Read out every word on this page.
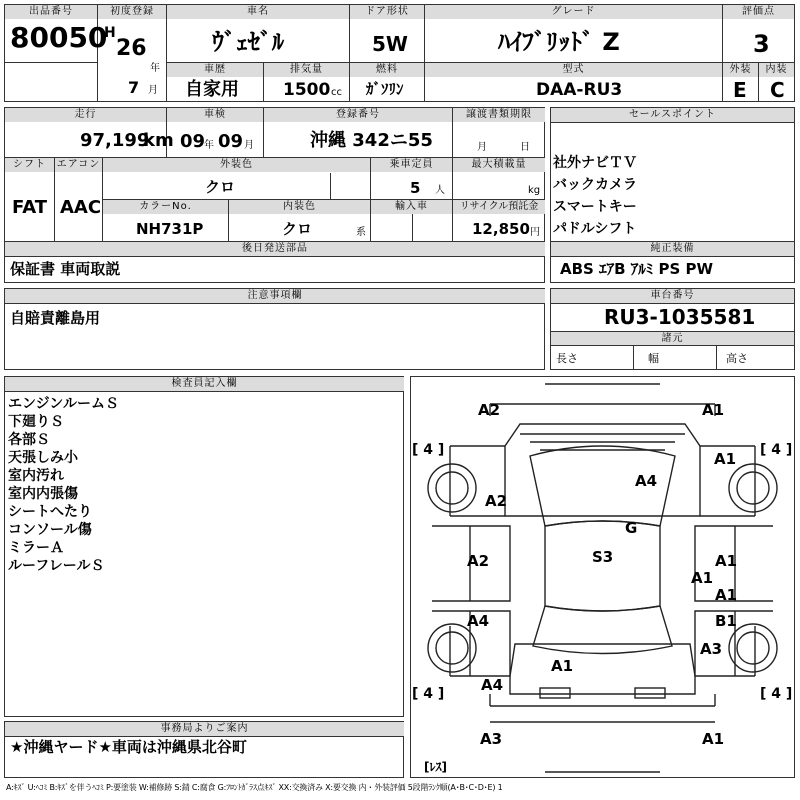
出品番号
80050
初度登録
H
26
年
7 月
車名
ｳﾞｪｾﾞﾙ
ドア形状
5W
グレード
ﾊｲﾌﾞﾘｯﾄﾞ Z
評価点
3
車歴
自家用
排気量
1500 cc
燃料
ｶﾞｿﾘﾝ
型式
DAA-RU3
外装
E
内装
C
走行
97,199
km
車検
09
年 09 月
登録番号
沖縄 342ニ55
譲渡書類期限
月	日
シフト
FAT
エアコン
AAC
外装色
クロ
乗車定員
5 人
最大積載量
kg
カラーNo.
NH731P
内装色
クロ	系
輸入車	リサイクル預託金
12,850 円
後日発送部品
保証書 車両取説
セールスポイント
社外ナビＴＶ
バックカメラ
スマートキー
パドルシフト
純正装備
ABS ｴｱB ｱﾙﾐ PS PW
注意事項欄
自賠責離島用
車台番号
RU3-1035581
諸元
長さ	幅	高さ
検査員記入欄
エンジンルームＳ
下廻りＳ
各部Ｓ
天張しみ小
室内汚れ
室内内張傷
シートへたり
コンソール傷
ミラーＡ
ルーフレールＳ
事務局よりご案内
★沖縄ヤード★車両は沖縄県北谷町
[ 4 ]	[ 4 ]
[ 4 ]	[ 4 ]
[ﾚｽ]
A2	A1
A1
A4
A2
G
S3
A2	A1
A1
A1
A4	B1
A3
A1
A4
A3	A1
A:ｷｽﾞ U:ﾍｺﾐ B:ｷｽﾞを伴うﾍｺﾐ P:要塗装 W:補修跡 S:錆 C:腐食 G:ﾌﾛﾝﾄｶﾞﾗｽ点ｷｽﾞ XX:交換済み X:要交換 内・外装評価 5段階ﾗﾝｸ順(A･B･C･D･E) 1
